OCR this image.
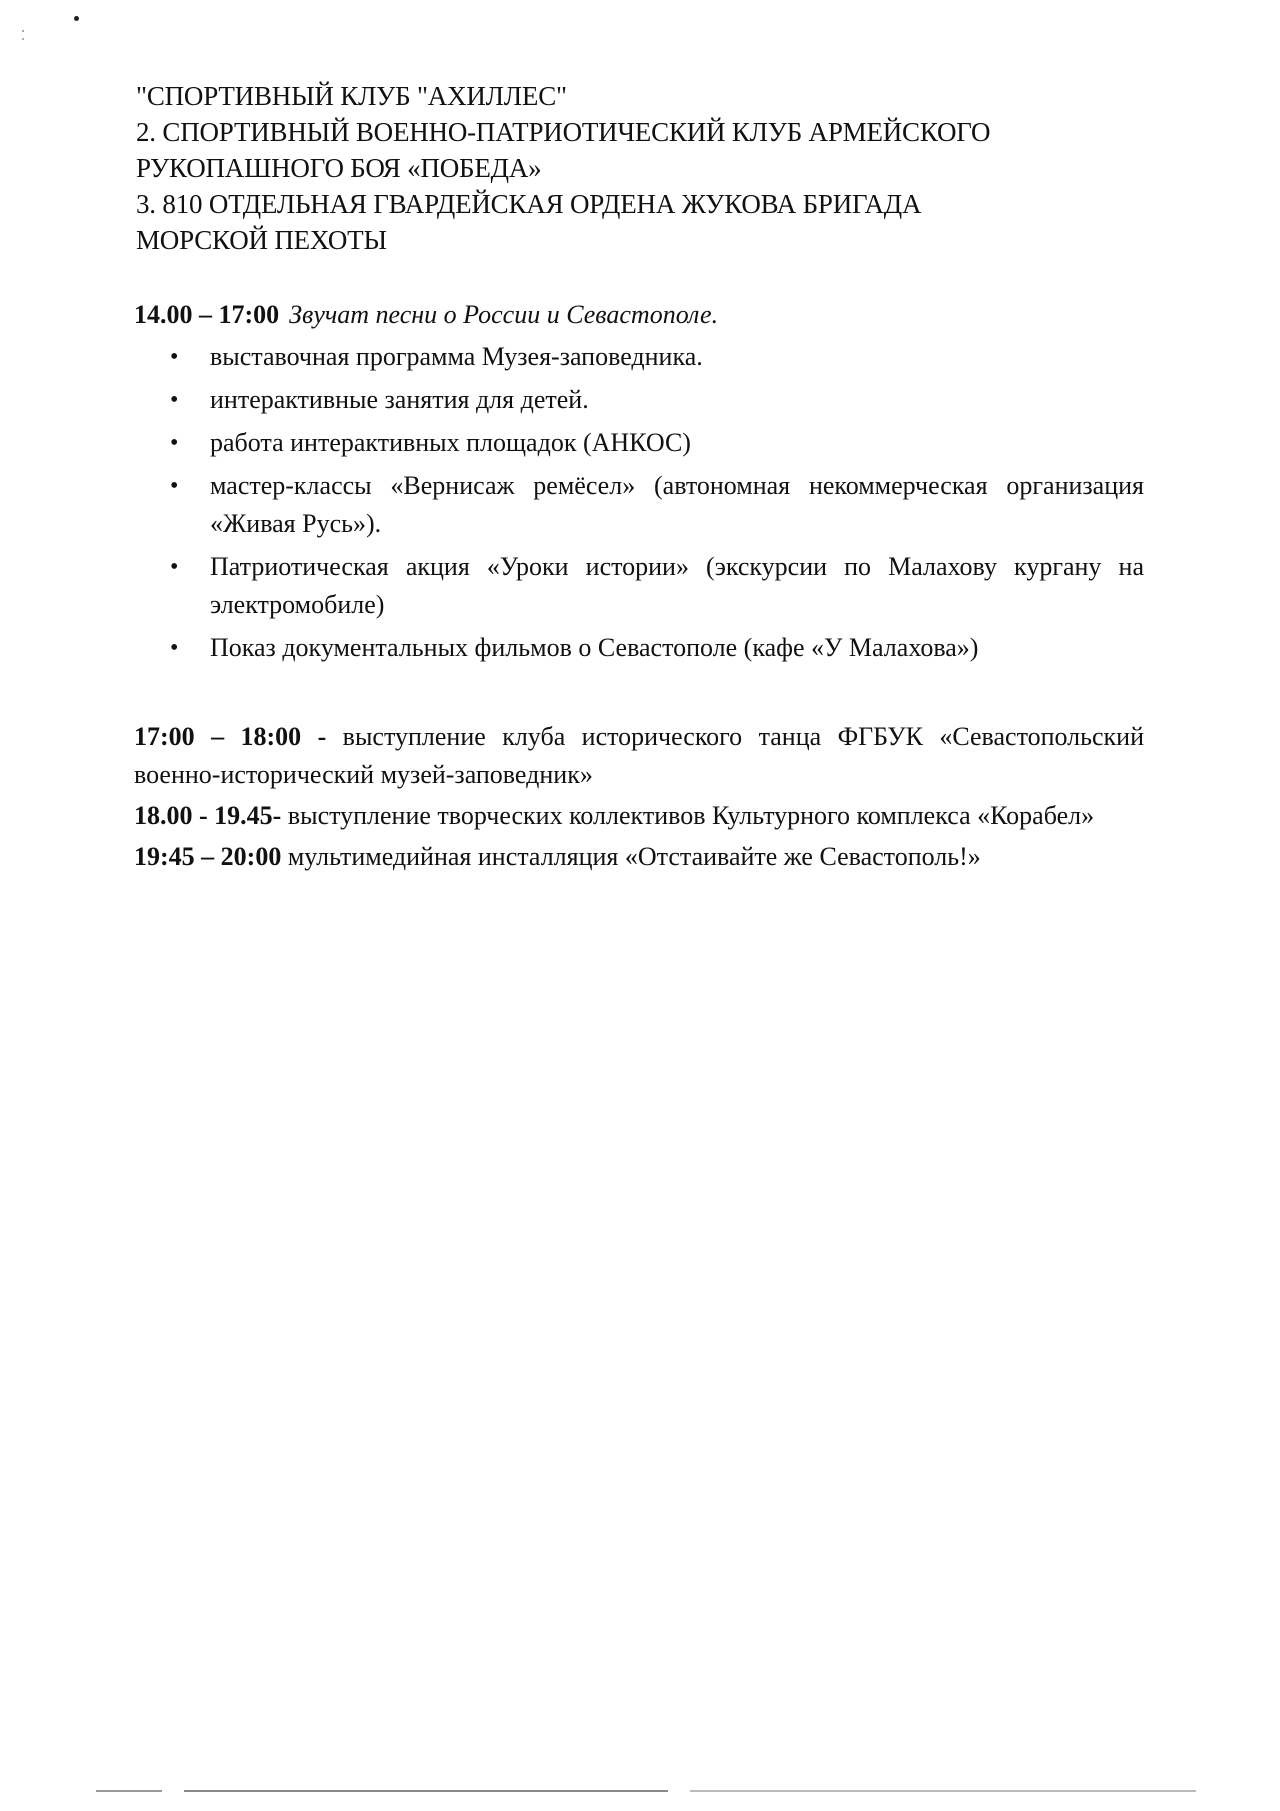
"СПОРТИВНЫЙ КЛУБ "АХИЛЛЕС"
2. СПОРТИВНЫЙ ВОЕННО-ПАТРИОТИЧЕСКИЙ КЛУБ АРМЕЙСКОГО
РУКОПАШНОГО БОЯ «ПОБЕДА»
3. 810 ОТДЕЛЬНАЯ ГВАРДЕЙСКАЯ ОРДЕНА ЖУКОВА БРИГАДА
МОРСКОЙ ПЕХОТЫ
14.00 – 17:00 Звучат песни о России и Севастополе.
• выставочная программа Музея-заповедника.
• интерактивные занятия для детей.
• работа интерактивных площадок (АНКОС)
• мастер-классы «Вернисаж ремёсел» (автономная некоммерческая организация «Живая Русь»).
• Патриотическая акция «Уроки истории» (экскурсии по Малахову кургану на электромобиле)
• Показ документальных фильмов о Севастополе (кафе «У Малахова»)
17:00 – 18:00 - выступление клуба исторического танца ФГБУК «Севастопольский военно-исторический музей-заповедник»
18.00 - 19.45- выступление творческих коллективов Культурного комплекса «Корабел»
19:45 – 20:00 мультимедийная инсталляция «Отстаивайте же Севастополь!»
